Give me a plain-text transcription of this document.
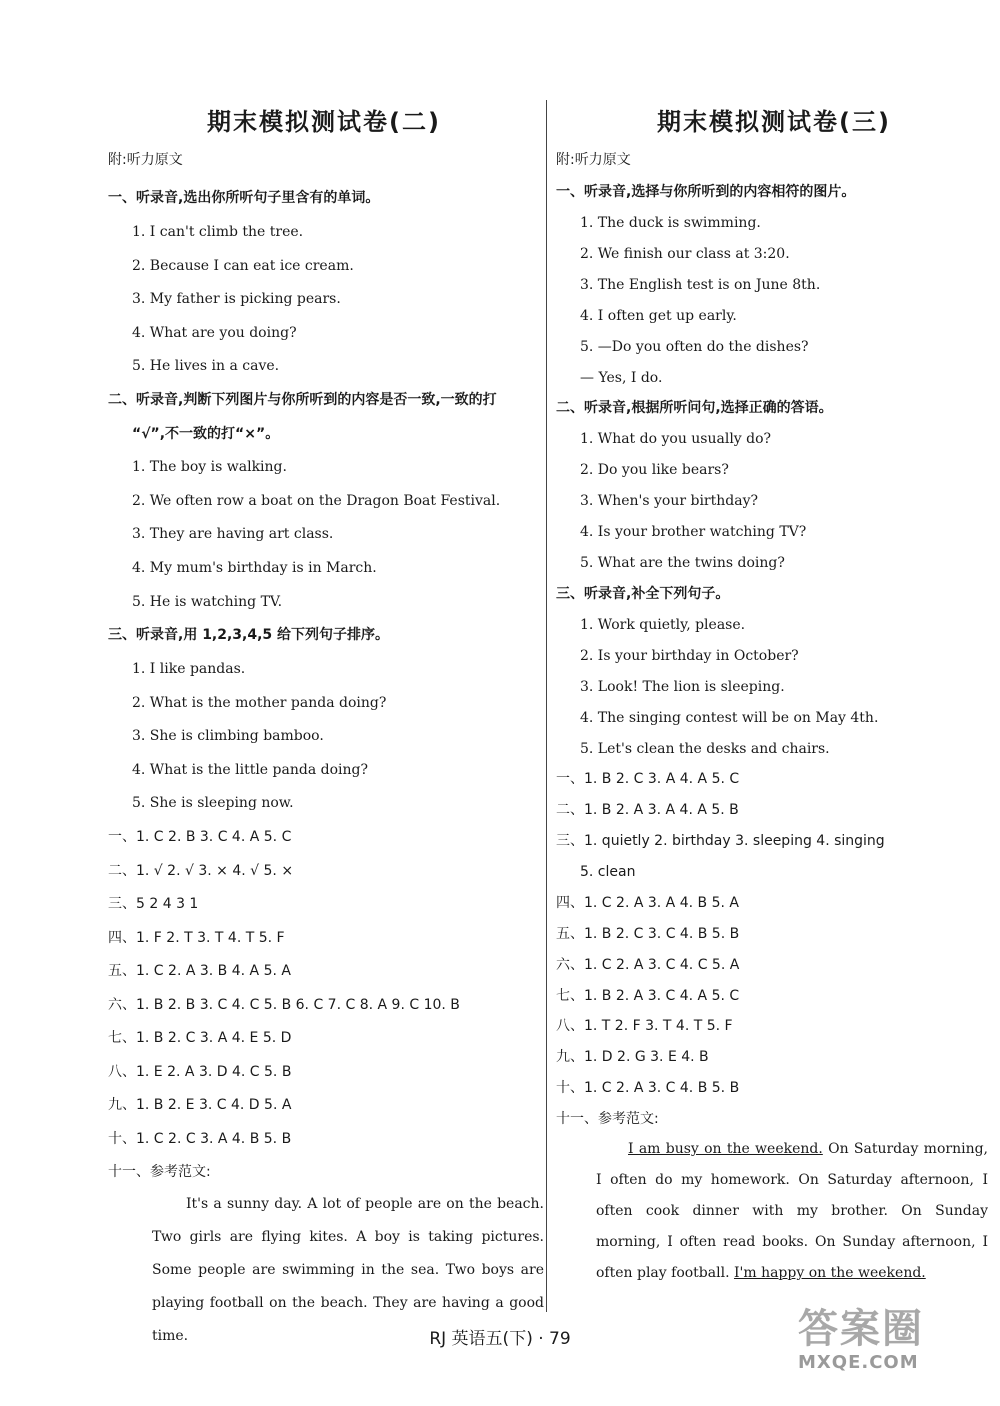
期末模拟测试卷(二)
附:听力原文
一、听录音,选出你所听句子里含有的单词。
1. I can't climb the tree.
2. Because I can eat ice cream.
3. My father is picking pears.
4. What are you doing?
5. He lives in a cave.
二、听录音,判断下列图片与你所听到的内容是否一致,一致的打
“√”,不一致的打“×”。
1. The boy is walking.
2. We often row a boat on the Dragon Boat Festival.
3. They are having art class.
4. My mum's birthday is in March.
5. He is watching TV.
三、听录音,用 1,2,3,4,5 给下列句子排序。
1. I like pandas.
2. What is the mother panda doing?
3. She is climbing bamboo.
4. What is the little panda doing?
5. She is sleeping now.
一、1. C 2. B 3. C 4. A 5. C
二、1. √ 2. √ 3. × 4. √ 5. ×
三、5 2 4 3 1
四、1. F 2. T 3. T 4. T 5. F
五、1. C 2. A 3. B 4. A 5. A
六、1. B 2. B 3. C 4. C 5. B 6. C 7. C 8. A 9. C 10. B
七、1. B 2. C 3. A 4. E 5. D
八、1. E 2. A 3. D 4. C 5. B
九、1. B 2. E 3. C 4. D 5. A
十、1. C 2. C 3. A 4. B 5. B
十一、参考范文:
It's a sunny day. A lot of people are on the beach. Two girls are flying kites. A boy is taking pictures. Some people are swimming in the sea. Two boys are playing football on the beach. They are having a good time.
期末模拟测试卷(三)
附:听力原文
一、听录音,选择与你所听到的内容相符的图片。
1. The duck is swimming.
2. We finish our class at 3:20.
3. The English test is on June 8th.
4. I often get up early.
5. —Do you often do the dishes?
— Yes, I do.
二、听录音,根据所听问句,选择正确的答语。
1. What do you usually do?
2. Do you like bears?
3. When's your birthday?
4. Is your brother watching TV?
5. What are the twins doing?
三、听录音,补全下列句子。
1. Work quietly, please.
2. Is your birthday in October?
3. Look! The lion is sleeping.
4. The singing contest will be on May 4th.
5. Let's clean the desks and chairs.
一、1. B 2. C 3. A 4. A 5. C
二、1. B 2. A 3. A 4. A 5. B
三、1. quietly 2. birthday 3. sleeping 4. singing
5. clean
四、1. C 2. A 3. A 4. B 5. A
五、1. B 2. C 3. C 4. B 5. B
六、1. C 2. A 3. C 4. C 5. A
七、1. B 2. A 3. C 4. A 5. C
八、1. T 2. F 3. T 4. T 5. F
九、1. D 2. G 3. E 4. B
十、1. C 2. A 3. C 4. B 5. B
十一、参考范文:
I am busy on the weekend. On Saturday morning, I often do my homework. On Saturday afternoon, I often cook dinner with my brother. On Sunday morning, I often read books. On Sunday afternoon, I often play football. I'm happy on the weekend.
RJ 英语五(下) · 79	答案圈
MXQE.COM
